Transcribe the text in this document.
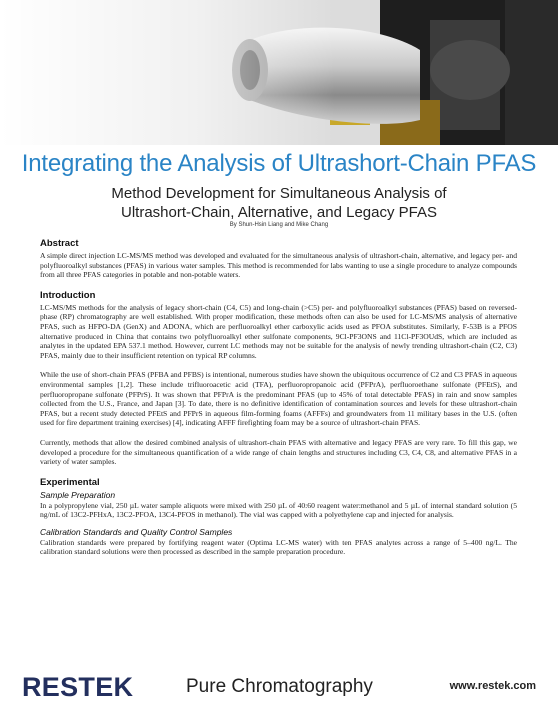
Integrating the Analysis of Ultrashort-Chain PFAS
Method Development for Simultaneous Analysis of
Ultrashort-Chain, Alternative, and Legacy PFAS
By Shun-Hsin Liang and Mike Chang
Abstract

A simple direct injection LC-MS/MS method was developed and evaluated for the simultaneous analysis of ultrashort-chain, alternative, and legacy per- and polyfluoroalkyl substances (PFAS) in various water samples. This method is recommended for labs wanting to use a single procedure to analyze compounds from all three PFAS categories in potable and non-potable waters.

Introduction

LC-MS/MS methods for the analysis of legacy short-chain (C4, C5) and long-chain (>C5) per- and polyfluoroalkyl substances (PFAS) based on reversed-phase (RP) chromatography are well established. With proper modification, these methods often can also be used for LC-MS/MS analysis of alternative PFAS, such as HFPO-DA (GenX) and ADONA, which are perfluoroalkyl ether carboxylic acids used as PFOA substitutes. Similarly, F-53B is a PFOS alternative produced in China that contains two polyfluoroalkyl ether sulfonate components, 9Cl-PF3ONS and 11Cl-PF3OUdS, which are included as analytes in the updated EPA 537.1 method. However, current LC methods may not be suitable for the analysis of newly trending ultrashort-chain (C2, C3) PFAS, mainly due to their insufficient retention on typical RP columns.

While the use of short-chain PFAS (PFBA and PFBS) is intentional, numerous studies have shown the ubiquitous occurrence of C2 and C3 PFAS in aqueous environmental samples [1,2]. These include trifluoroacetic acid (TFA), perfluoropropanoic acid (PFPrA), perfluoroethane sulfonate (PFEtS), and perfluoropropane sulfonate (PFPrS). It was shown that PFPrA is the predominant PFAS (up to 45% of total detectable PFAS) in rain and snow samples collected from the U.S., France, and Japan [3]. To date, there is no definitive identification of contamination sources and levels for these ultrashort-chain PFAS, but a recent study detected PFEtS and PFPrS in aqueous film-forming foams (AFFFs) and groundwaters from 11 military bases in the U.S. (often used for fire department training exercises) [4], indicating AFFF firefighting foam may be a source of ultrashort-chain PFAS.

Currently, methods that allow the desired combined analysis of ultrashort-chain PFAS with alternative and legacy PFAS are very rare. To fill this gap, we developed a procedure for the simultaneous quantification of a wide range of chain lengths and structures including C3, C4, C8, and alternative PFAS in a variety of water samples.

Experimental
Sample Preparation

In a polypropylene vial, 250 µL water sample aliquots were mixed with 250 µL of 40:60 reagent water:methanol and 5 µL of internal standard solution (5 ng/mL of 13C2-PFHxA, 13C2-PFOA, 13C4-PFOS in methanol). The vial was capped with a polyethylene cap and injected for analysis.

Calibration Standards and Quality Control Samples

Calibration standards were prepared by fortifying reagent water (Optima LC-MS water) with ten PFAS analytes across a range of 5–400 ng/L. The calibration standard solutions were then processed as described in the sample preparation procedure.

RESTEK	Pure Chromatography	www.restek.com
